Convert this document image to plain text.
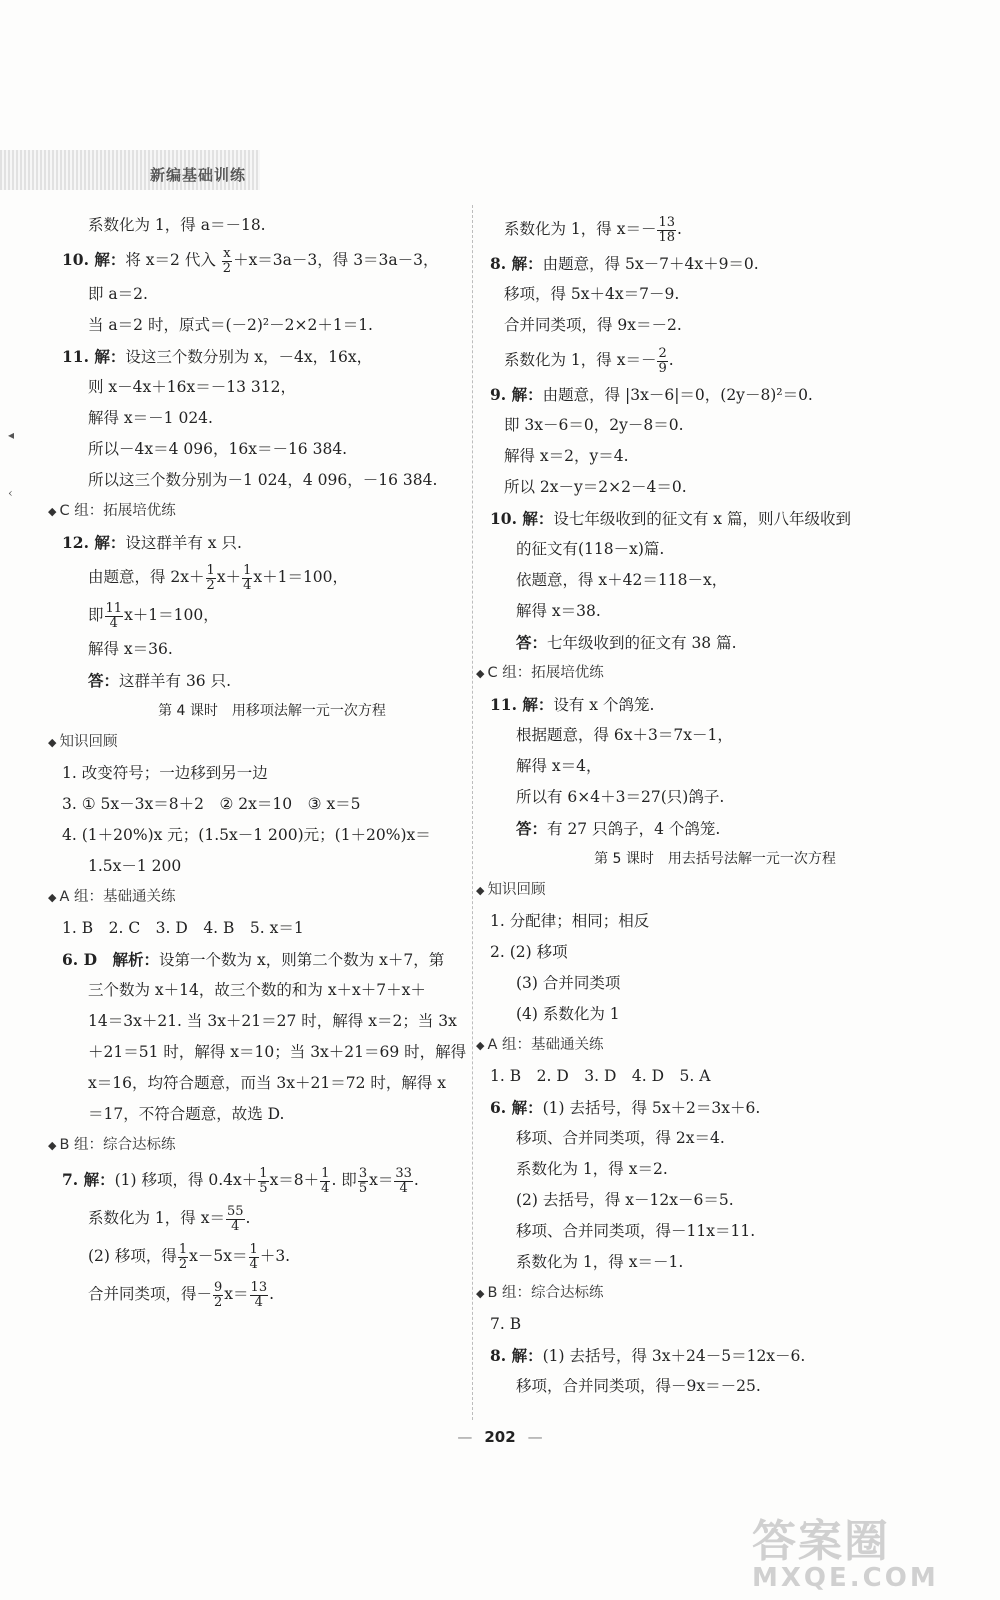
新编基础训练
◂
‹
系数化为 1，得 a＝－18.
10. 解：将 x＝2 代入 $\frac{x}{2} +x=3a-3$，得 3＝3a－3，
即 a＝2.
当 a＝2 时，原式＝(－2)²－2×2＋1＝1.
11. 解：设这三个数分别为 x，－4x，16x，
则 x－4x＋16x＝－13 312，
解得 x＝－1 024.
所以－4x＝4 096，16x＝－16 384.
所以这三个数分别为－1 024，4 096，－16 384.
◆ C 组：拓展培优练
12. 解：设这群羊有 x 只.
由题意，得 $2x+ \frac{1}{2} x+ \frac{1}{4} x+1=100$，
即 $\frac{11}{4} x+1=100$，
解得 x＝36.
答：这群羊有 36 只.
第 4 课时　用移项法解一元一次方程
◆ 知识回顾
1. 改变符号；一边移到另一边
3. ① 5x－3x＝8＋2　② 2x＝10　③ x＝5
4. (1＋20%)x 元；(1.5x－1 200)元；(1＋20%)x＝
1.5x－1 200
◆ A 组：基础通关练
1. B　2. C　3. D　4. B　5. x＝1
6. D　解析：设第一个数为 x，则第二个数为 x＋7，第
三个数为 x＋14，故三个数的和为 x＋x＋7＋x＋
14＝3x＋21. 当 3x＋21＝27 时，解得 x＝2；当 3x
＋21＝51 时，解得 x＝10；当 3x＋21＝69 时，解得
x＝16，均符合题意，而当 3x＋21＝72 时，解得 x
＝17，不符合题意，故选 D.
◆ B 组：综合达标练
7. 解：(1) 移项，得 $0.4x+ \frac{1}{5} x=8+ \frac{1}{4}$ . 即 $\frac{3}{5} x= \frac{33}{4}$ .
系数化为 1，得 $x= \frac{55}{4}$ .
(2) 移项，得 $\frac{1}{2} x-5x= \frac{1}{4} +3$.
合并同类项，得－ $\frac{9}{2} x= \frac{13}{4}$ .
系数化为 1，得 $x=- \frac{13}{18}$ .
8. 解：由题意，得 5x－7＋4x＋9＝0.
移项，得 5x＋4x＝7－9.
合并同类项，得 9x＝－2.
系数化为 1，得 $x=- \frac{2}{9}$ .
9. 解：由题意，得 |3x－6|＝0，(2y－8)²＝0.
即 3x－6＝0，2y－8＝0.
解得 x＝2，y＝4.
所以 2x－y＝2×2－4＝0.
10. 解：设七年级收到的征文有 x 篇，则八年级收到
的征文有(118－x)篇.
依题意，得 x＋42＝118－x，
解得 x＝38.
答：七年级收到的征文有 38 篇.
◆ C 组：拓展培优练
11. 解：设有 x 个鸽笼.
根据题意，得 6x＋3＝7x－1，
解得 x＝4，
所以有 6×4＋3＝27(只)鸽子.
答：有 27 只鸽子，4 个鸽笼.
第 5 课时　用去括号法解一元一次方程
◆ 知识回顾
1. 分配律；相同；相反
2. (2) 移项
(3) 合并同类项
(4) 系数化为 1
◆ A 组：基础通关练
1. B　2. D　3. D　4. D　5. A
6. 解：(1) 去括号，得 5x＋2＝3x＋6.
移项、合并同类项，得 2x＝4.
系数化为 1，得 x＝2.
(2) 去括号，得 x－12x－6＝5.
移项、合并同类项，得－11x＝11.
系数化为 1，得 x＝－1.
◆ B 组：综合达标练
7. B
8. 解：(1) 去括号，得 3x＋24－5＝12x－6.
移项，合并同类项，得－9x＝－25.
— 202 —
答案圈
MXQE.COM
